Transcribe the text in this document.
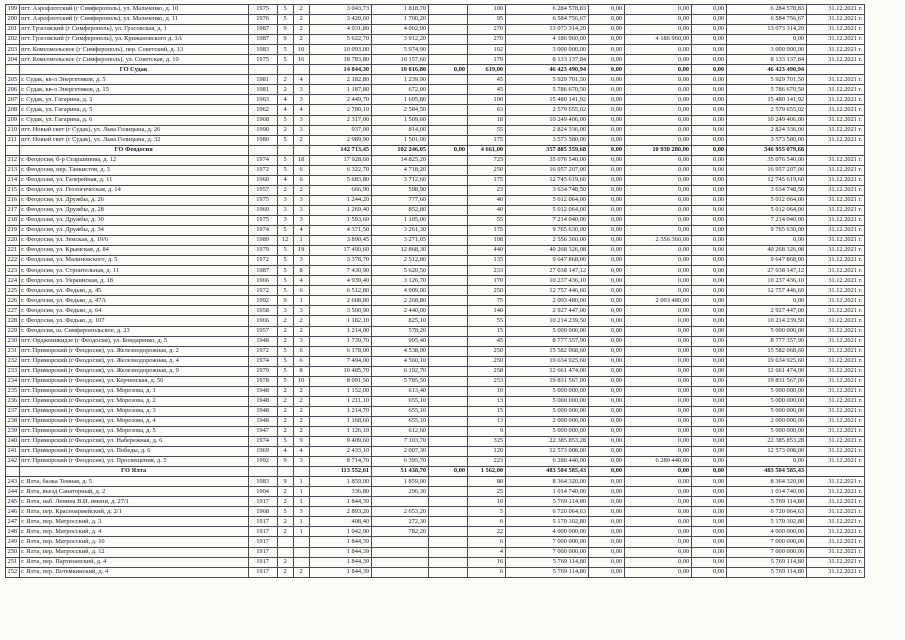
199	пгт. Аэрофлотский (г Симферополь), ул. Мальченко, д. 10	1975	5	2	3 043,73	1 818,70		100	6 284 578,83	0,00	0,00	0,00	6 284 578,83	31.12.2021 г.
200	пгт. Аэрофлотский (г Симферополь), ул. Мальченко, д. 11	1976	5	2	3 420,60	1 700,20		95	6 584 756,67	0,00	0,00	0,00	6 584 756,67	31.12.2021 г.
201	пгт. Грэсовский (г Симферополь), ул. Грэсовская, д. 1	1987	9	2	4 931,80	4 002,90		270	13 073 314,20	0,00	0,00	0,00	13 073 314,20	31.12.2021 г.
202	пгт. Грэсовский (г Симферополь), ул. Крижановского д. 3А	1987	9	2	5 622,70	3 912,20		270	4 186 960,00	0,00	4 186 960,00	0,00	0,00	31.12.2021 г.
203	пгт. Комсомольское (г Симферополь), пер. Советский, д. 13	1983	5	10	10 093,00	5 974,90		102	3 000 000,00	0,00	0,00	0,00	3 000 000,00	31.12.2021 г.
204	пгт. Комсомольское (г Симферополь), ул. Советская, д. 10	1975	5	16	18 783,80	10 157,60		179	8 133 137,84	0,00	0,00	0,00	8 133 137,84	31.12.2021 г.
	ГО Судак				14 844,30	10 816,80	0,00	619,00	46 423 490,94	0,00	0,00	0,00	46 423 490,94	
205	г. Судак, кв-л Энергетиков, д. 5	1981	2	4	2 182,80	1 239,90		45	5 929 701,50	0,00	0,00	0,00	5 929 701,50	31.12.2021 г.
206	г. Судак, кв-л Энергетиков, д. 15	1981	2	3	1 187,80	672,00		45	5 786 670,50	0,00	0,00	0,00	5 786 670,50	31.12.2021 г.
207	г. Судак, ул. Гагарина, д. 3	1963	4	3	2 449,70	1 695,80		100	15 480 141,92	0,00	0,00	0,00	15 480 141,92	31.12.2021 г.
208	г. Судак, ул. Гагарина, д. 5	1962	4	4	2 780,10	2 584,50		63	2 579 655,02	0,00	0,00	0,00	2 579 655,02	31.12.2021 г.
209	г. Судак, ул. Гагарина, д. 6	1968	5	3	2 317,00	1 509,60		18	10 249 406,00	0,00	0,00	0,00	10 249 406,00	31.12.2021 г.
210	пгт. Новый свет (г Судак), ул. Льва Голицына, д. 26	1990	2	3	937,00	814,00		55	2 824 336,00	0,00	0,00	0,00	2 824 336,00	31.12.2021 г.
211	пгт. Новый свет (г Судак), ул. Льва Голицына, д. 32	1980	5	2	2 989,90	1 501,00		175	3 573 580,00	0,00	0,00	0,00	3 573 580,00	31.12.2021 г.
	ГО Феодосия				142 713,45	102 246,05	0,00	4 661,00	357 885 359,68	0,00	10 930 280,00	0,00	346 955 079,68	
212	г. Феодосия, б-р Старшинова, д. 12	1974	5	18	17 928,60	14 825,20		725	35 076 540,00	0,00	0,00	0,00	35 076 540,00	31.12.2021 г.
213	г. Феодосия, пер. Танкистов, д. 3	1972	5	6	6 322,70	4 718,20		250	16 957 207,00	0,00	0,00	0,00	16 957 207,00	31.12.2021 г.
214	г. Феодосия, ул. Галерейная, д. 11	1960	4	6	5 683,80	3 712,60		175	12 745 619,60	0,00	0,00	0,00	12 745 619,60	31.12.2021 г.
215	г. Феодосия, ул. Геологическая, д. 14	1957	2	2	666,90	598,90		23	3 634 748,50	0,00	0,00	0,00	3 634 748,50	31.12.2021 г.
216	г. Феодосия, ул. Дружбы, д. 26	1975	3	3	1 244,20	777,60		40	5 012 064,00	0,00	0,00	0,00	5 012 064,00	31.12.2021 г.
217	г. Феодосия, ул. Дружбы, д. 28	1969	3	3	1 269,40	852,80		40	5 012 064,00	0,00	0,00	0,00	5 012 064,00	31.12.2021 г.
218	г. Феодосия, ул. Дружбы, д. 30	1975	3	3	1 593,60	1 105,00		55	7 214 040,00	0,00	0,00	0,00	7 214 040,00	31.12.2021 г.
219	г. Феодосия, ул. Дружбы, д. 34	1974	5	4	4 371,50	3 261,30		175	9 765 630,00	0,00	0,00	0,00	9 765 630,00	31.12.2021 г.
220	г. Феодосия, ул. Земская, д. 19/6	1989	12	1	3 890,45	3 271,05		108	2 556 360,00	0,00	2 556 360,00	0,00	0,00	31.12.2021 г.
221	г. Феодосия, ул. Крымская, д. 84	1979	5	19	17 490,60	12 868,30		440	40 268 326,08	0,00	0,00	0,00	40 268 326,08	31.12.2021 г.
222	г. Феодосия, ул. Малиновского, д. 5	1972	5	3	3 378,70	2 512,80		135	9 647 868,00	0,00	0,00	0,00	9 647 868,00	31.12.2021 г.
223	г. Феодосия, ул. Строительная, д. 11	1987	5	8	7 430,90	5 620,50		233	27 038 147,12	0,00	0,00	0,00	27 038 147,12	31.12.2021 г.
224	г. Феодосия, ул. Украинская, д. 18	1966	5	4	4 939,40	3 126,70		170	10 237 436,10	0,00	0,00	0,00	10 237 436,10	31.12.2021 г.
225	г. Феодосия, ул. Федько, д. 45	1972	5	6	6 512,80	4 909,00		250	12 757 446,60	0,00	0,00	0,00	12 757 446,60	31.12.2021 г.
226	г. Феодосия, ул. Федько, д. 47А	1992	9	1	2 608,80	2 268,80		75	2 093 480,00	0,00	2 093 480,00	0,00	0,00	31.12.2021 г.
227	г. Феодосия, ул. Федько, д. 64	1958	3	3	3 500,90	2 440,00		140	2 927 447,00	0,00	0,00	0,00	2 927 447,00	31.12.2021 г.
228	г. Феодосия, ул. Федько, д. 107	1966	2	2	1 182,10	825,10		55	10 214 239,50	0,00	0,00	0,00	10 214 239,50	31.12.2021 г.
229	г. Феодосия, ш. Симферопольское, д. 23	1957	2	2	1 214,00	578,20		15	5 000 000,00	0,00	0,00	0,00	5 000 000,00	31.12.2021 г.
230	пгт. Орджоникидзе (г Феодосия), ул. Бондаренко, д. 5	1948	2	3	1 739,70	995,40		45	8 777 357,90	0,00	0,00	0,00	8 777 357,90	31.12.2021 г.
231	пгт. Приморский (г Феодосия), ул. Железнодорожная, д. 2	1972	5	6	6 178,00	4 538,00		250	15 582 068,60	0,00	0,00	0,00	15 582 068,60	31.12.2021 г.
232	пгт. Приморский (г Феодосия), ул. Железнодорожная, д. 4	1974	5	6	7 494,00	4 560,10		250	19 634 925,60	0,00	0,00	0,00	19 634 925,60	31.12.2021 г.
233	пгт. Приморский (г Феодосия), ул. Железнодорожная, д. 9	1979	5	8	10 485,70	6 192,70		258	12 661 474,00	0,00	0,00	0,00	12 661 474,00	31.12.2021 г.
234	пгт. Приморский (г Феодосия), ул. Керченская, д. 56	1978	5	10	8 091,50	5 785,50		253	19 831 567,00	0,00	0,00	0,00	19 831 567,00	31.12.2021 г.
235	пгт. Приморский (г Феодосия), ул. Морозова, д. 1	1948	2	2	1 152,00	613,40		10	5 000 000,00	0,00	0,00	0,00	5 000 000,00	31.12.2021 г.
236	пгт. Приморский (г Феодосия), ул. Морозова, д. 2	1948	2	2	1 211,10	655,10		13	5 000 000,00	0,00	0,00	0,00	5 000 000,00	31.12.2021 г.
237	пгт. Приморский (г Феодосия), ул. Морозова, д. 3	1948	2	2	1 214,70	655,10		15	5 000 000,00	0,00	0,00	0,00	5 000 000,00	31.12.2021 г.
238	пгт. Приморский (г Феодосия), ул. Морозова, д. 4	1948	2	2	1 168,60	655,10		13	2 000 000,00	0,00	0,00	0,00	2 000 000,00	31.12.2021 г.
239	пгт. Приморский (г Феодосия), ул. Морозова, д. 5	1947	2	2	1 126,10	612,60		9	5 000 000,00	0,00	0,00	0,00	5 000 000,00	31.12.2021 г.
240	пгт. Приморский (г Феодосия), ул. Набережная, д. 6	1974	5	9	9 409,60	7 103,70		325	22 385 853,28	0,00	0,00	0,00	22 385 853,28	31.12.2021 г.
241	пгт. Приморский (г Феодосия), ул. Победы, д. 6	1969	4	4	2 433,10	2 007,30		120	12 573 008,00	0,00	0,00	0,00	12 573 008,00	31.12.2021 г.
242	пгт. Приморский (г Феодосия), ул. Просвещения, д. 5	1992	9	3	8 714,70	6 395,70		223	6 280 440,00	0,00	6 280 440,00	0,00	0,00	31.12.2021 г.
	ГО Ялта				113 552,61	51 438,70	0,00	1 562,00	483 504 585,43	0,00	0,00	0,00	483 504 585,43	
243	г. Ялта, балка Темная, д. 5	1983	9	1	1 859,00	1 859,00		80	8 364 320,00	0,00	0,00	0,00	8 364 320,00	31.12.2021 г.
244	г. Ялта, въезд Санаторный, д. 2	1904	2	1	336,80	296,30		25	1 014 740,00	0,00	0,00	0,00	1 014 740,00	31.12.2021 г.
245	г. Ялта, наб. Ленина В.И. имени, д. 27/1	1917	2	1	1 844,39			10	5 769 114,80	0,00	0,00	0,00	5 769 114,80	31.12.2021 г.
246	г. Ялта, пер. Красноармейский, д. 2/1	1968	5	3	2 893,20	2 653,20		5	6 720 064,63	0,00	0,00	0,00	6 720 064,63	31.12.2021 г.
247	г. Ялта, пер. Матросский, д. 3	1917	2	1	408,40	272,30		6	5 170 302,80	0,00	0,00	0,00	5 170 302,80	31.12.2021 г.
248	г. Ялта, пер. Матросский, д. 4	1917	2	1	1 042,90	782,20		22	4 000 000,00	0,00	0,00	0,00	4 000 000,00	31.12.2021 г.
249	г. Ялта, пер. Матросский, д. 10	1917			1 844,39			6	7 000 000,00	0,00	0,00	0,00	7 000 000,00	31.12.2021 г.
250	г. Ялта, пер. Матросский, д. 12	1917			1 844,39			4	7 000 000,00	0,00	0,00	0,00	7 000 000,00	31.12.2021 г.
251	г. Ялта, пер. Партизанский, д. 4	1917	2		1 844,39			16	5 769 114,80	0,00	0,00	0,00	5 769 114,80	31.12.2021 г.
252	г. Ялта, пер. Потемкинский, д. 4	1917	2	2	1 844,39			6	5 769 114,80	0,00	0,00	0,00	5 769 114,80	31.12.2021 г.
